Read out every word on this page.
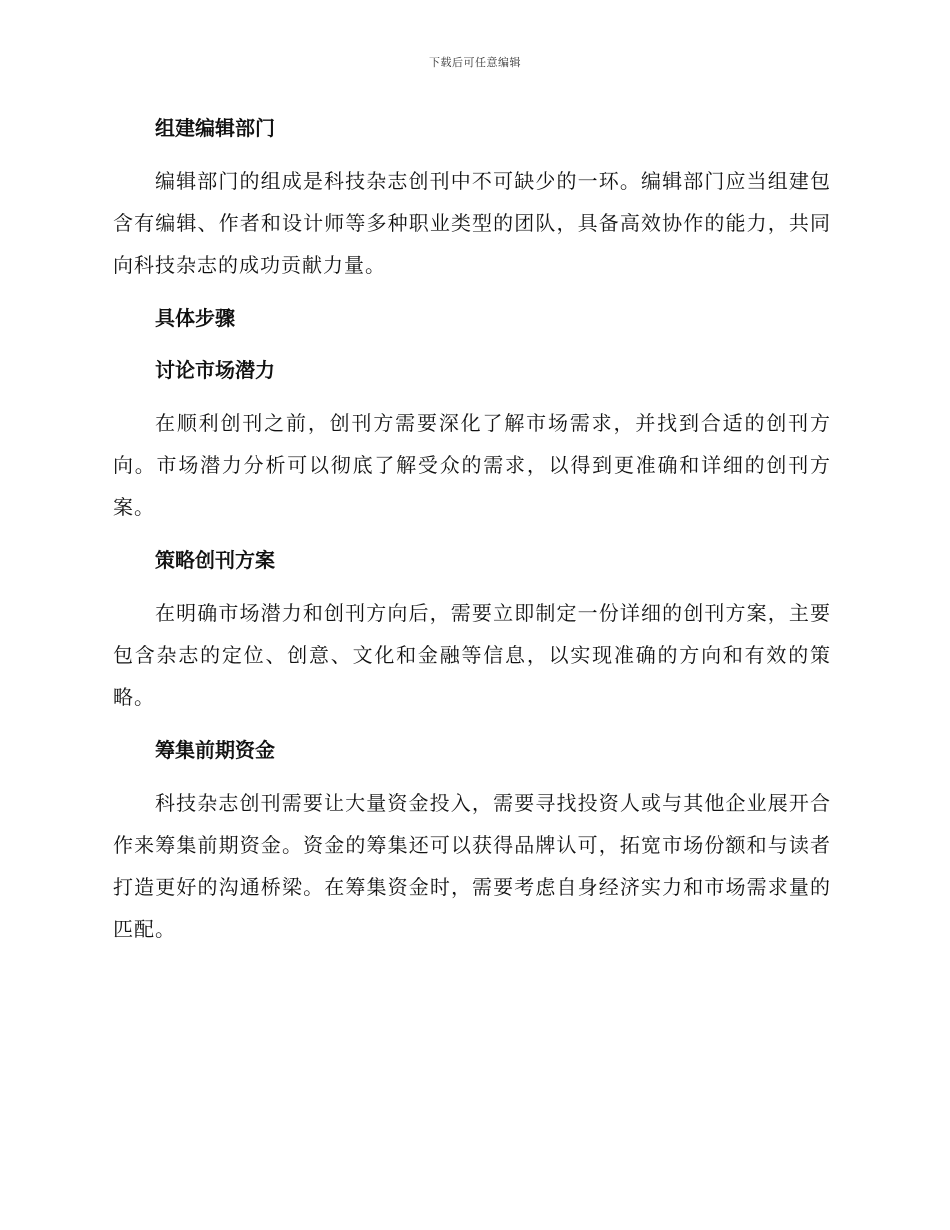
下载后可任意编辑
组建编辑部门

编辑部门的组成是科技杂志创刊中不可缺少的一环。编辑部门应当组建包含有编辑、作者和设计师等多种职业类型的团队，具备高效协作的能力，共同向科技杂志的成功贡献力量。

具体步骤
讨论市场潜力

在顺利创刊之前，创刊方需要深化了解市场需求，并找到合适的创刊方向。市场潜力分析可以彻底了解受众的需求，以得到更准确和详细的创刊方案。

策略创刊方案

在明确市场潜力和创刊方向后，需要立即制定一份详细的创刊方案，主要包含杂志的定位、创意、文化和金融等信息，以实现准确的方向和有效的策略。

筹集前期资金

科技杂志创刊需要让大量资金投入，需要寻找投资人或与其他企业展开合作来筹集前期资金。资金的筹集还可以获得品牌认可，拓宽市场份额和与读者打造更好的沟通桥梁。在筹集资金时，需要考虑自身经济实力和市场需求量的匹配。
